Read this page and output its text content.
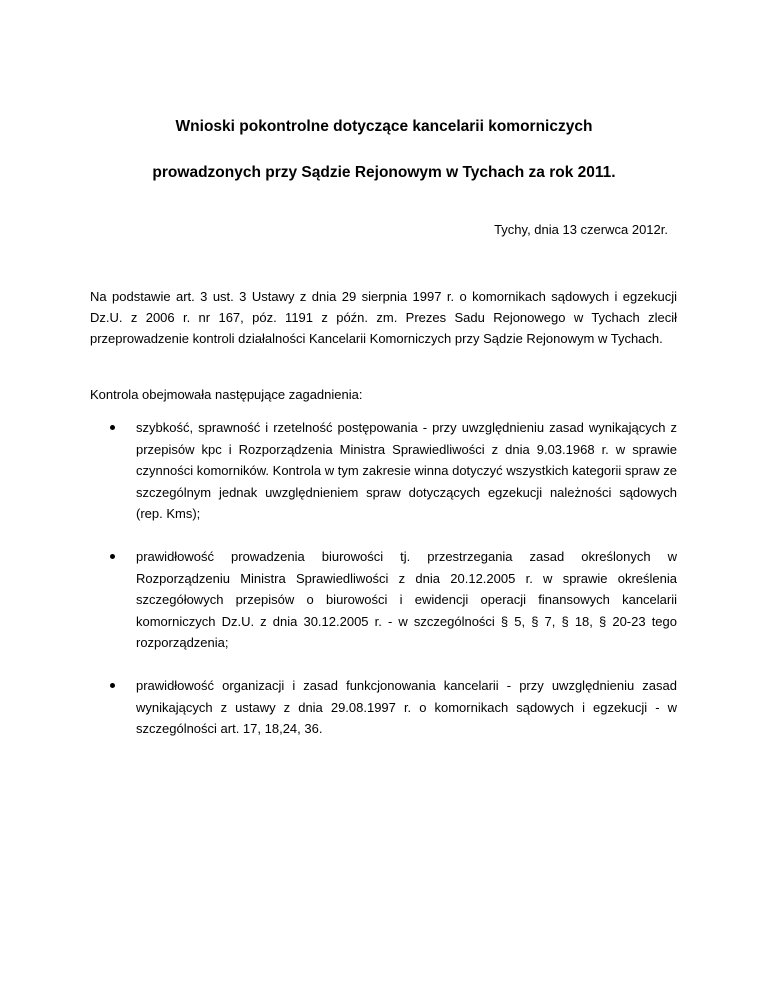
Wnioski pokontrolne dotyczące kancelarii komorniczych
prowadzonych przy Sądzie Rejonowym w Tychach za rok 2011.
Tychy, dnia 13 czerwca 2012r.
Na podstawie art. 3 ust. 3 Ustawy z dnia 29 sierpnia 1997 r. o komornikach sądowych i egzekucji Dz.U. z 2006 r. nr 167, póz. 1191 z późn. zm. Prezes Sadu Rejonowego w Tychach zlecił przeprowadzenie kontroli działalności Kancelarii Komorniczych przy Sądzie Rejonowym w Tychach.
Kontrola obejmowała następujące zagadnienia:
szybkość, sprawność i rzetelność postępowania - przy uwzględnieniu zasad wynikających z przepisów kpc i Rozporządzenia Ministra Sprawiedliwości z dnia 9.03.1968 r. w sprawie czynności komorników. Kontrola w tym zakresie winna dotyczyć wszystkich kategorii spraw ze szczególnym jednak uwzględnieniem spraw dotyczących egzekucji należności sądowych (rep. Kms);
prawidłowość prowadzenia biurowości tj. przestrzegania zasad określonych w Rozporządzeniu Ministra Sprawiedliwości z dnia 20.12.2005 r. w sprawie określenia szczegółowych przepisów o biurowości i ewidencji operacji finansowych kancelarii komorniczych Dz.U. z dnia 30.12.2005 r. - w szczególności § 5, § 7, § 18, § 20-23 tego rozporządzenia;
prawidłowość organizacji i zasad funkcjonowania kancelarii - przy uwzględnieniu zasad wynikających z ustawy z dnia 29.08.1997 r. o komornikach sądowych i egzekucji - w szczególności art. 17, 18,24, 36.
